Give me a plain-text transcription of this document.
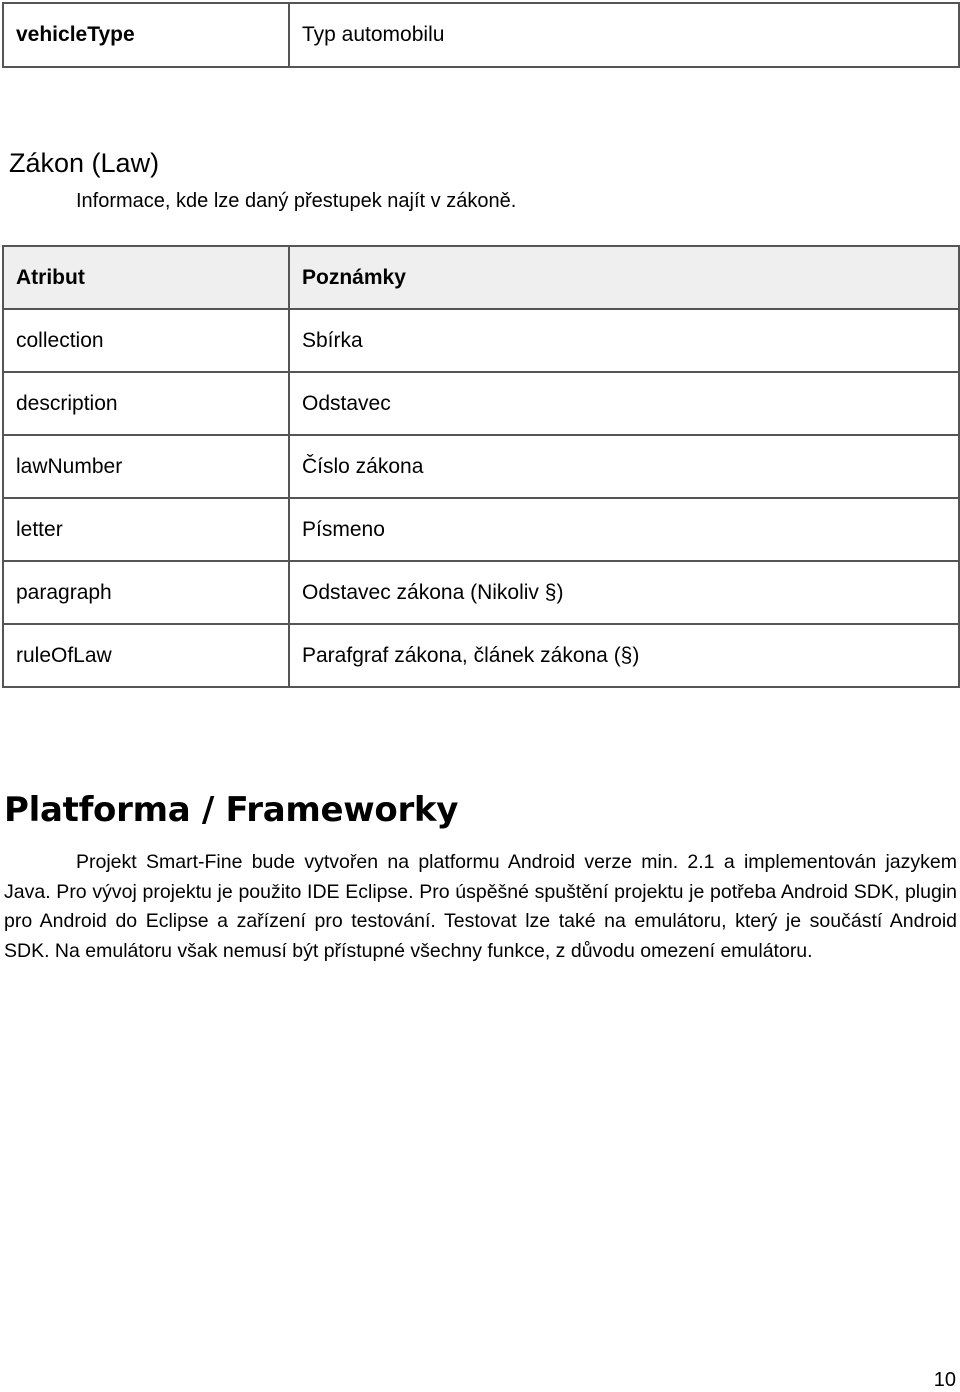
vehicleType	Typ automobilu
Zákon (Law)

Informace, kde lze daný přestupek najít v zákoně.

Atribut	Poznámky
collection	Sbírka
description	Odstavec
lawNumber	Číslo zákona
letter	Písmeno
paragraph	Odstavec zákona (Nikoliv §)
ruleOfLaw	Parafgraf zákona, článek zákona (§)
Platforma / Frameworky

Projekt Smart-Fine bude vytvořen na platformu Android verze min. 2.1 a implementován jazykem Java. Pro vývoj projektu je použito IDE Eclipse. Pro úspěšné spuštění projektu je potřeba Android SDK, plugin pro Android do Eclipse a zařízení pro testování. Testovat lze také na emulátoru, který je součástí Android SDK. Na emulátoru však nemusí být přístupné všechny funkce, z důvodu omezení emulátoru.

10
